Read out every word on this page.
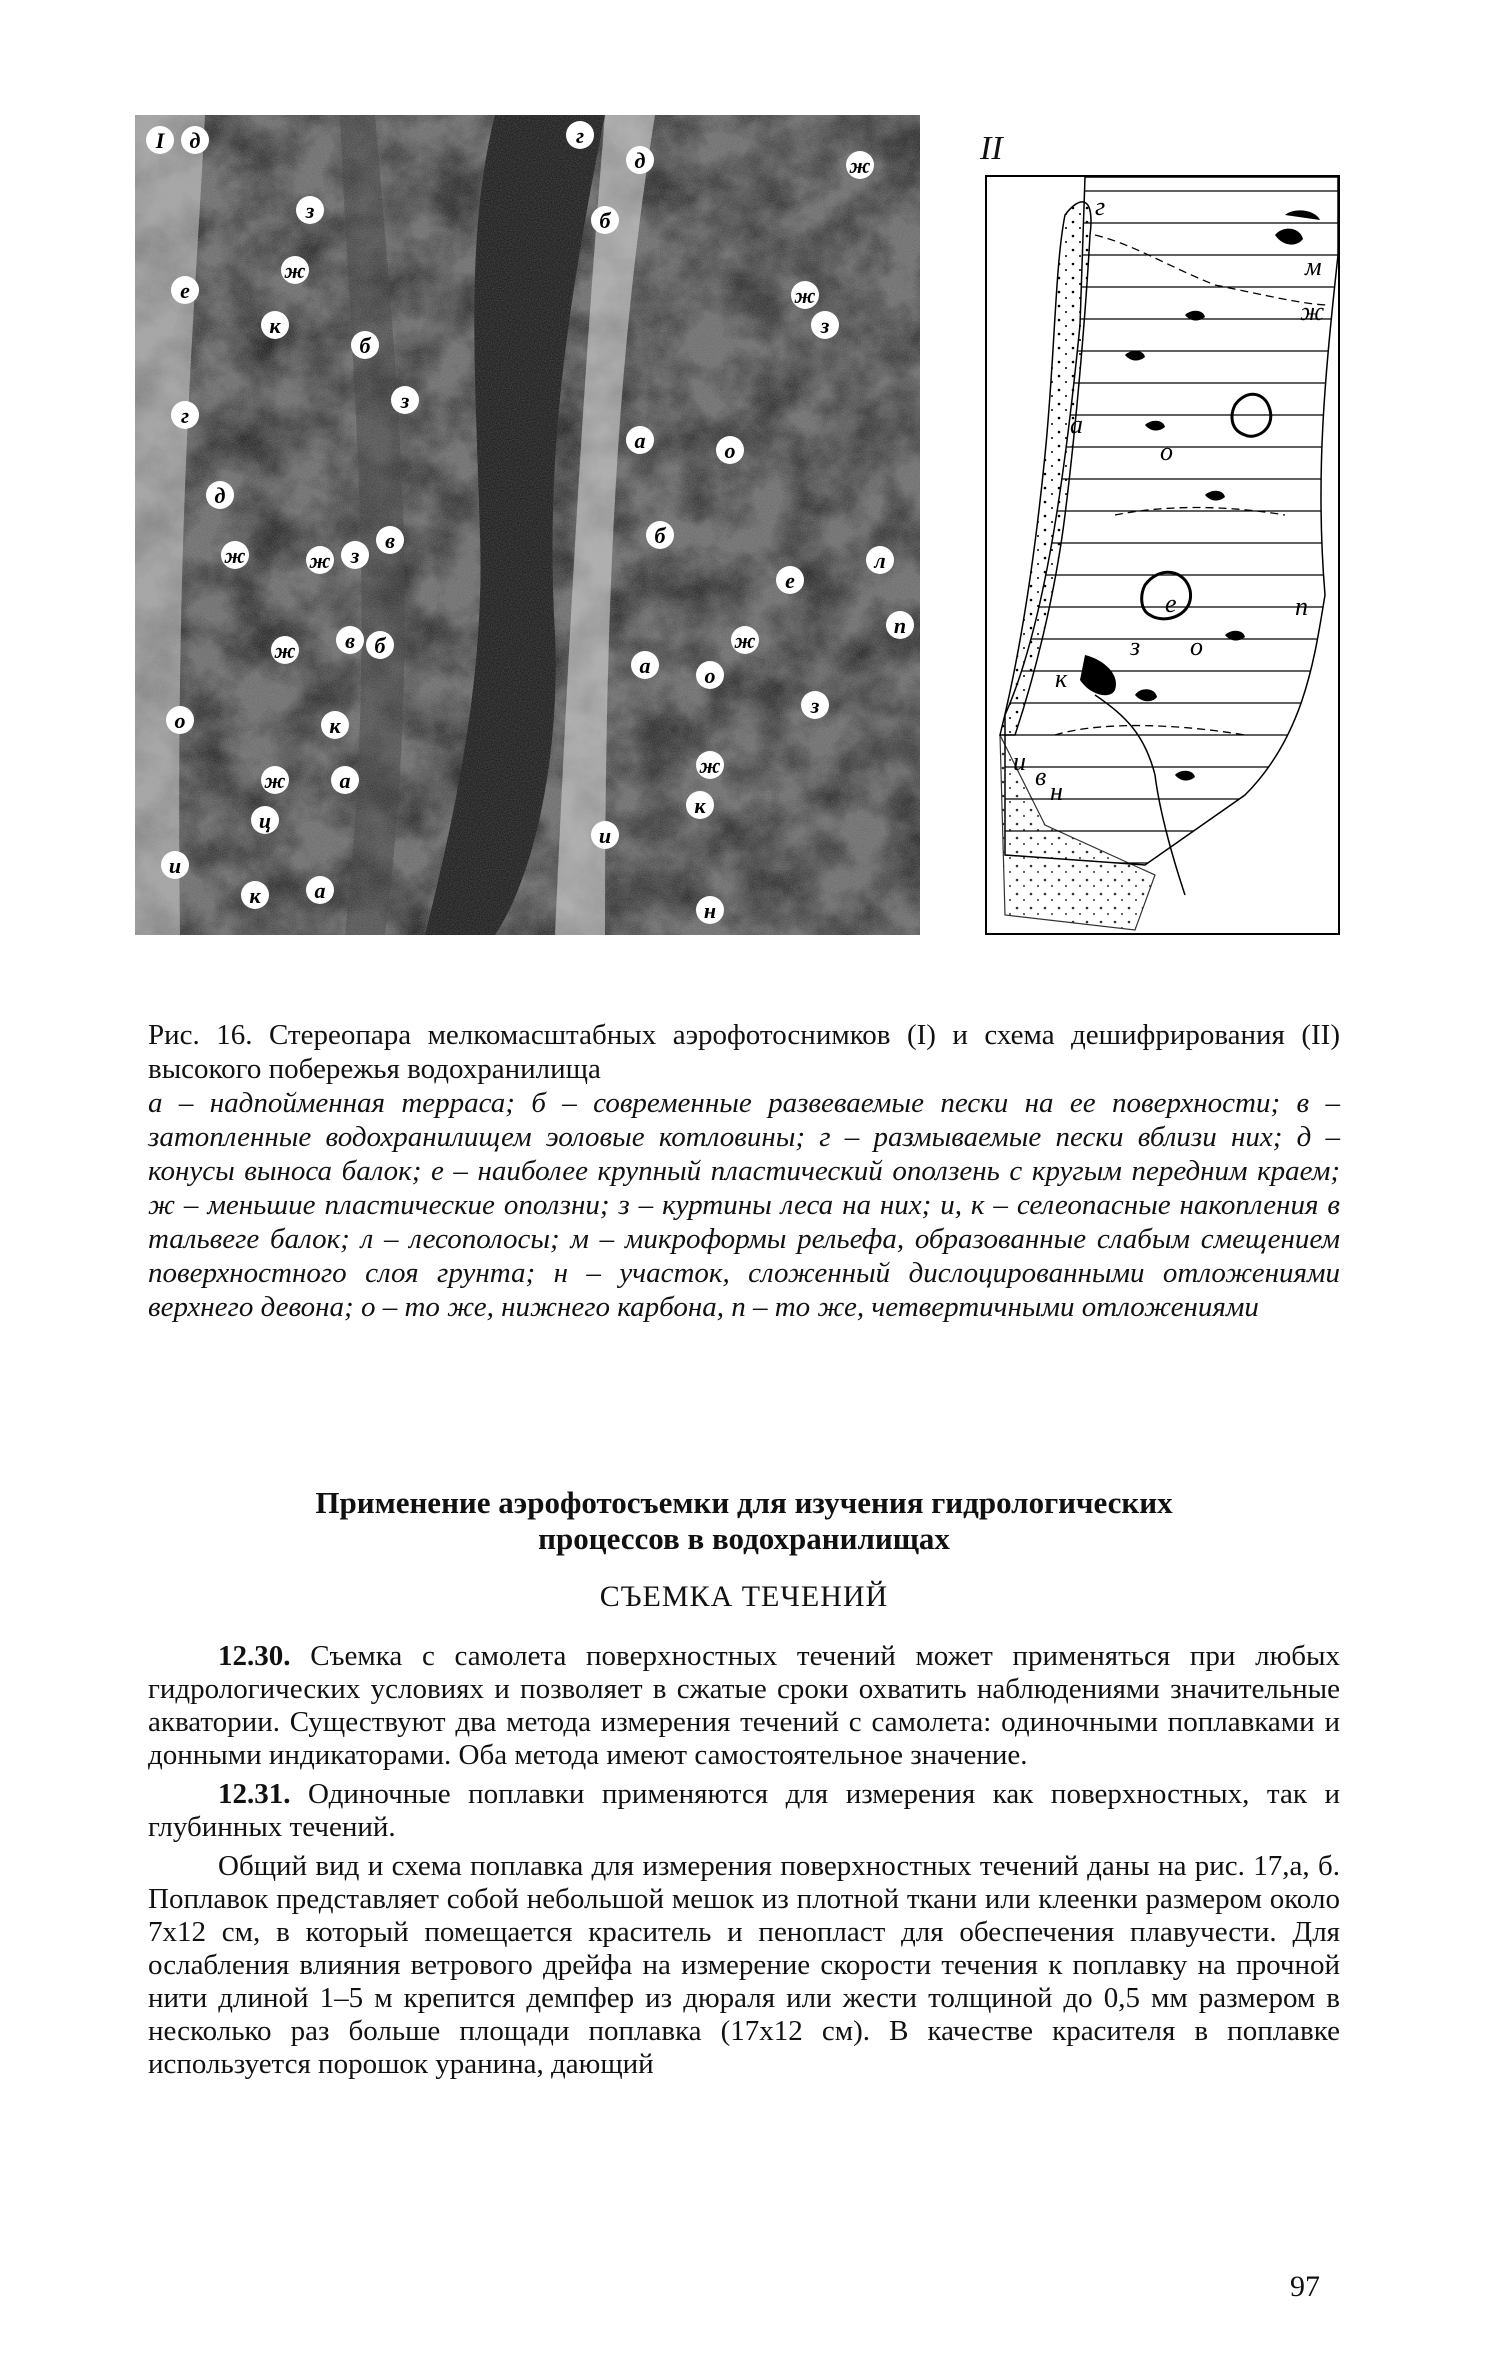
I д
е
з
ж
к
б
з
г
д
ж	ж з
в
ж в б
о	к
ж а
ц
и
к а
г
д	ж
б
ж
з
а	о
б
е
л
а о
ж
п
з
ж
к
и
н
II
г
м
ж
а
о
е	п
о
к
и
н
з
в
Рис. 16. Стереопара мелкомасштабных аэрофотоснимков (I) и схема дешифрирования (II) высокого побережья водохранилища
а – надпойменная терраса; б – современные развеваемые пески на ее поверхности; в – затопленные водохранилищем эоловые котловины; г – размываемые пески вблизи них; д – конусы выноса балок; е – наиболее крупный пластический оползень с кругым передним краем; ж – меньшие пластические оползни; з – куртины леса на них; и, к – селеопасные накопления в тальвеге балок; л – лесополосы; м – микроформы рельефа, образованные слабым смещением поверхностного слоя грунта; н – участок, сложенный дислоцированными отложениями верхнего девона; о – то же, нижнего карбона, п – то же, четвертичными отложениями
Применение аэрофотосъемки для изучения гидрологических
процессов в водохранилищах
СЪЕМКА ТЕЧЕНИЙ

12.30. Съемка с самолета поверхностных течений может применяться при любых гидрологических условиях и позволяет в сжатые сроки охватить наблюдениями значительные акватории. Существуют два метода измерения течений с самолета: одиночными поплавками и донными индикаторами. Оба метода имеют самостоятельное значение.

12.31. Одиночные поплавки применяются для измерения как поверхностных, так и глубинных течений.

Общий вид и схема поплавка для измерения поверхностных течений даны на рис. 17,а, б. Поплавок представляет собой небольшой мешок из плотной ткани или клеенки размером около 7х12 см, в который помещается краситель и пенопласт для обеспечения плавучести. Для ослабления влияния ветрового дрейфа на измерение скорости течения к поплавку на прочной нити длиной 1–5 м крепится демпфер из дюраля или жести толщиной до 0,5 мм размером в несколько раз больше площади поплавка (17х12 см). В качестве красителя в поплавке используется порошок уранина, дающий

97
